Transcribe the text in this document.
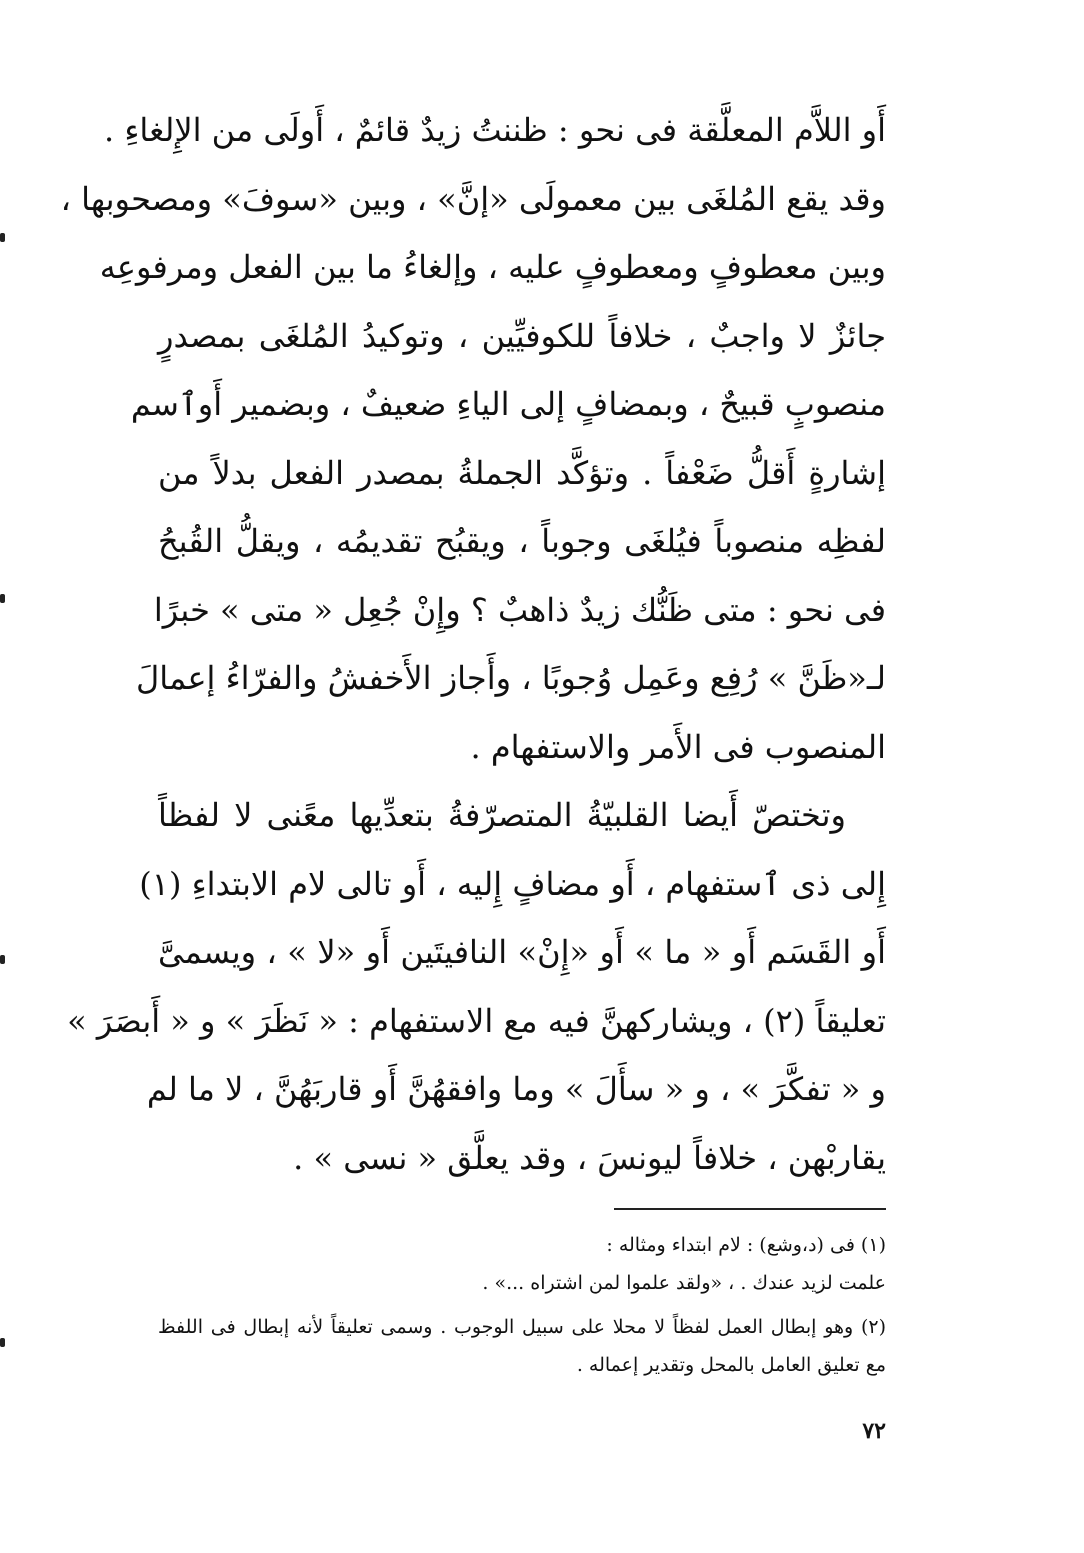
أَو اللاَّم المعلَّقة فى نحو : ظننتُ زيدٌ قائمٌ ، أَولَى من الإِلغاءِ .
وقد يقع المُلغَى بين معمولَى «إنَّ» ، وبين «سوفَ» ومصحوبها ،
وبين معطوفٍ ومعطوفٍ عليه ، وإلغاءُ ما بين الفعل ومرفوعِه
جائزٌ لا واجبٌ ، خلافاً للكوفيِّين ، وتوكيدُ المُلغَى بمصدرٍ
منصوبٍ قبيحٌ ، وبمضافٍ إلى الياءِ ضعيفٌ ، وبضمير أَوٱسم
إشارةٍ أَقلُّ ضَعْفاً . وتؤكَّد الجملةُ بمصدر الفعل بدلاً من
لفظِه منصوباً فيُلغَى وجوباً ، ويقبُح تقديمُه ، ويقلُّ القُبحُ
فى نحو : متى ظَنُّك زيدٌ ذاهبٌ ؟ وإِنْ جُعِل « متى » خبرًا
لـ«ظَنَّ » رُفِع وعَمِل وُجوبًا ، وأَجاز الأَخفشُ والفرّاءُ إعمالَ
المنصوب فى الأَمر والاستفهام .
وتختصّ أَيضا القلبيّةُ المتصرّفةُ بتعدِّيها معًنى لا لفظاً
إِلى ذى ٱستفهام ، أَو مضافٍ إِليه ، أَو تالى لام الابتداءِ (١)
أَو القَسَم أَو « ما » أَو «إِنْ» النافيتَين أَو «لا » ، ويسمىَّ
تعليقاً (٢) ، ويشاركهنَّ فيه مع الاستفهام : « نَظَرَ » و « أَبصَرَ »
و « تفكَّرَ » ، و « سأَلَ » وما وافقهُنَّ أَو قاربَهُنَّ ، لا ما لم
يقاربْهن ، خلافاً ليونسَ ، وقد يعلَّق « نسى » .
(١) فى (د،وشع) : لام ابتداء ومثاله :
علمت لزيد عندك . ، «ولقد علموا لمن اشتراه ...» .
(٢) وهو إبطال العمل لفظاً لا محلا على سبيل الوجوب . وسمى تعليقاً لأنه إبطال فى اللفظ
مع تعليق العامل بالمحل وتقدير إعماله .
٧٢
